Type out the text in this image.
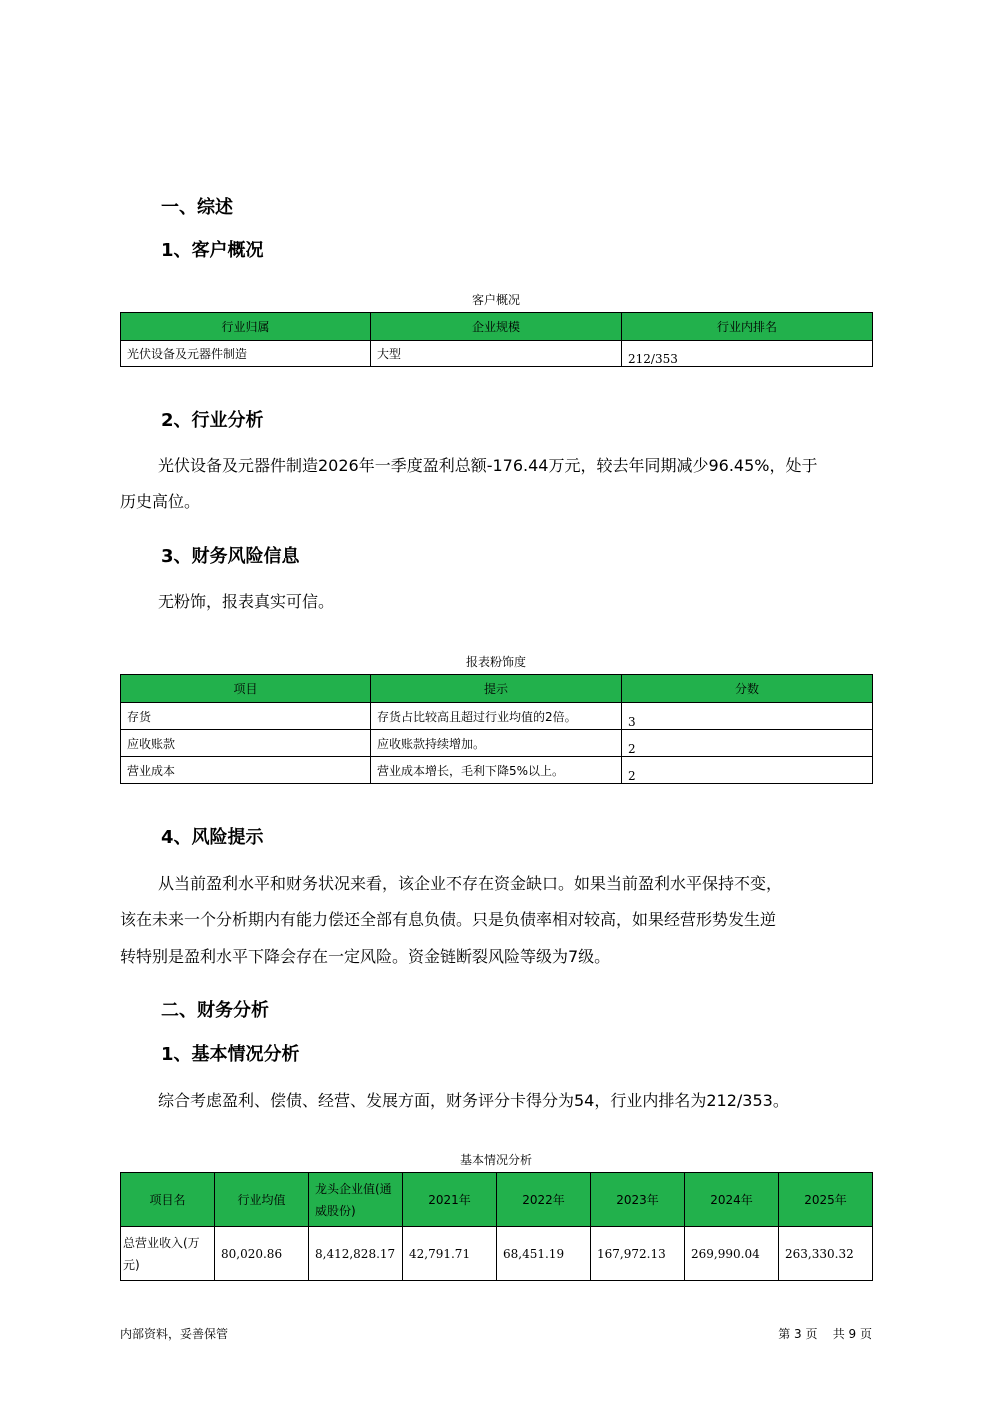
一、综述
1、客户概况
客户概况
行业归属	企业规模	行业内排名
光伏设备及元器件制造	大型	212/353
2、行业分析
光伏设备及元器件制造2026年一季度盈利总额-176.44万元，较去年同期减少96.45%，处于
历史高位。
3、财务风险信息
无粉饰，报表真实可信。
报表粉饰度
项目	提示	分数
存货	存货占比较高且超过行业均值的2倍。	3
应收账款	应收账款持续增加。	2
营业成本	营业成本增长，毛利下降5%以上。	2
4、风险提示
从当前盈利水平和财务状况来看，该企业不存在资金缺口。如果当前盈利水平保持不变，
该在未来一个分析期内有能力偿还全部有息负债。只是负债率相对较高，如果经营形势发生逆
转特别是盈利水平下降会存在一定风险。资金链断裂风险等级为7级。
二、财务分析
1、基本情况分析
综合考虑盈利、偿债、经营、发展方面，财务评分卡得分为54，行业内排名为212/353。
基本情况分析
项目名	行业均值	龙头企业值(通威股份)	2021年	2022年	2023年	2024年	2025年
总营业收入(万元)	80,020.86	8,412,828.17	42,791.71	68,451.19	167,972.13	269,990.04	263,330.32
内部资料，妥善保管	第 3 页    共 9 页
